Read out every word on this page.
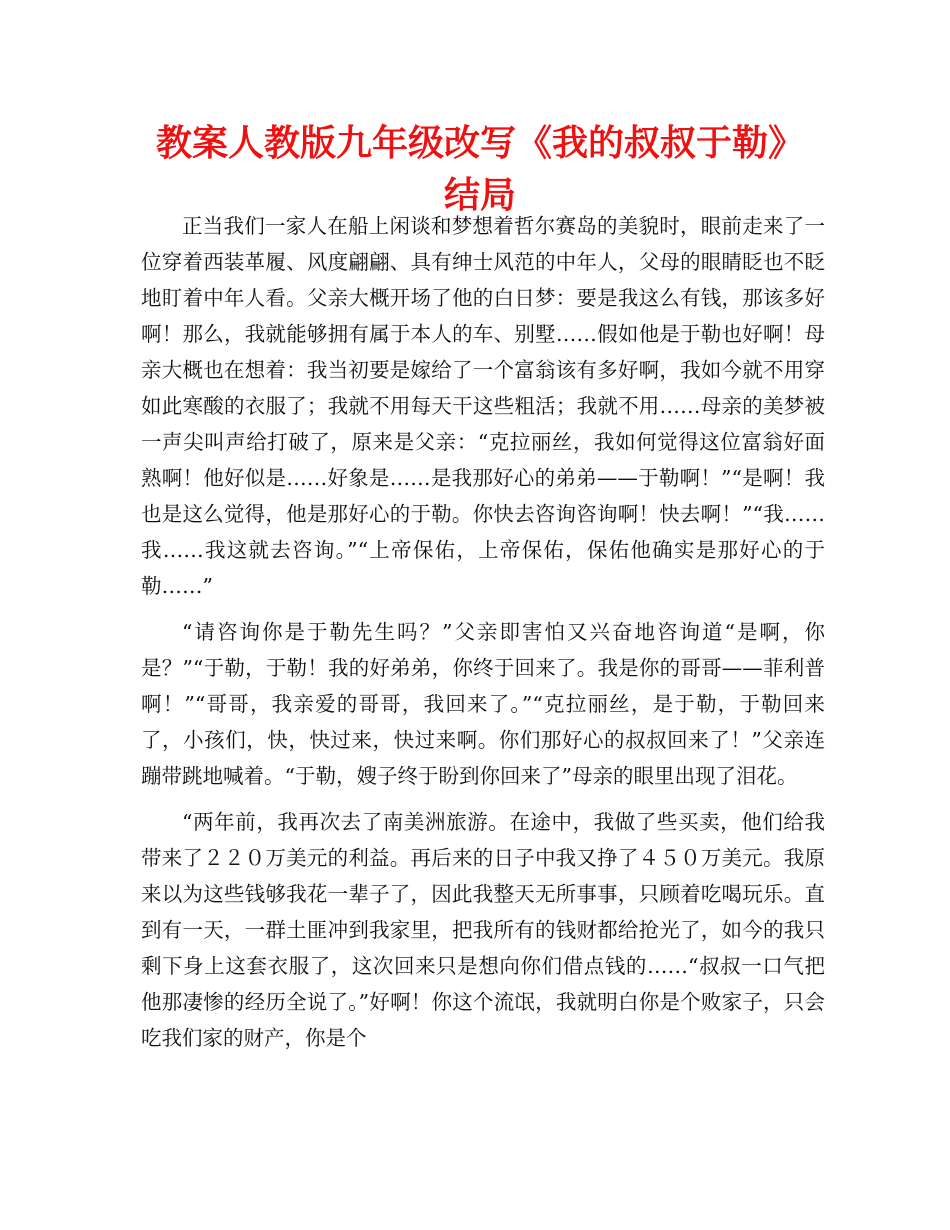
教案人教版九年级改写《我的叔叔于勒》结局

正当我们一家人在船上闲谈和梦想着哲尔赛岛的美貌时，眼前走来了一位穿着西装革履、风度翩翩、具有绅士风范的中年人，父母的眼睛眨也不眨地盯着中年人看。父亲大概开场了他的白日梦：要是我这么有钱，那该多好啊！那么，我就能够拥有属于本人的车、别墅……假如他是于勒也好啊！母亲大概也在想着：我当初要是嫁给了一个富翁该有多好啊，我如今就不用穿如此寒酸的衣服了；我就不用每天干这些粗活；我就不用……母亲的美梦被一声尖叫声给打破了，原来是父亲：“克拉丽丝，我如何觉得这位富翁好面熟啊！他好似是……好象是……是我那好心的弟弟——于勒啊！”“是啊！我也是这么觉得，他是那好心的于勒。你快去咨询咨询啊！快去啊！”“我……我……我这就去咨询。”“上帝保佑，上帝保佑，保佑他确实是那好心的于勒……”

“请咨询你是于勒先生吗？”父亲即害怕又兴奋地咨询道“是啊，你是？”“于勒，于勒！我的好弟弟，你终于回来了。我是你的哥哥——菲利普啊！”“哥哥，我亲爱的哥哥，我回来了。”“克拉丽丝，是于勒，于勒回来了，小孩们，快，快过来，快过来啊。你们那好心的叔叔回来了！”父亲连蹦带跳地喊着。“于勒，嫂子终于盼到你回来了”母亲的眼里出现了泪花。

“两年前，我再次去了南美洲旅游。在途中，我做了些买卖，他们给我带来了２２０万美元的利益。再后来的日子中我又挣了４５０万美元。我原来以为这些钱够我花一辈子了，因此我整天无所事事，只顾着吃喝玩乐。直到有一天，一群土匪冲到我家里，把我所有的钱财都给抢光了，如今的我只剩下身上这套衣服了，这次回来只是想向你们借点钱的……“叔叔一口气把他那凄惨的经历全说了。”好啊！你这个流氓，我就明白你是个败家子，只会吃我们家的财产，你是个
